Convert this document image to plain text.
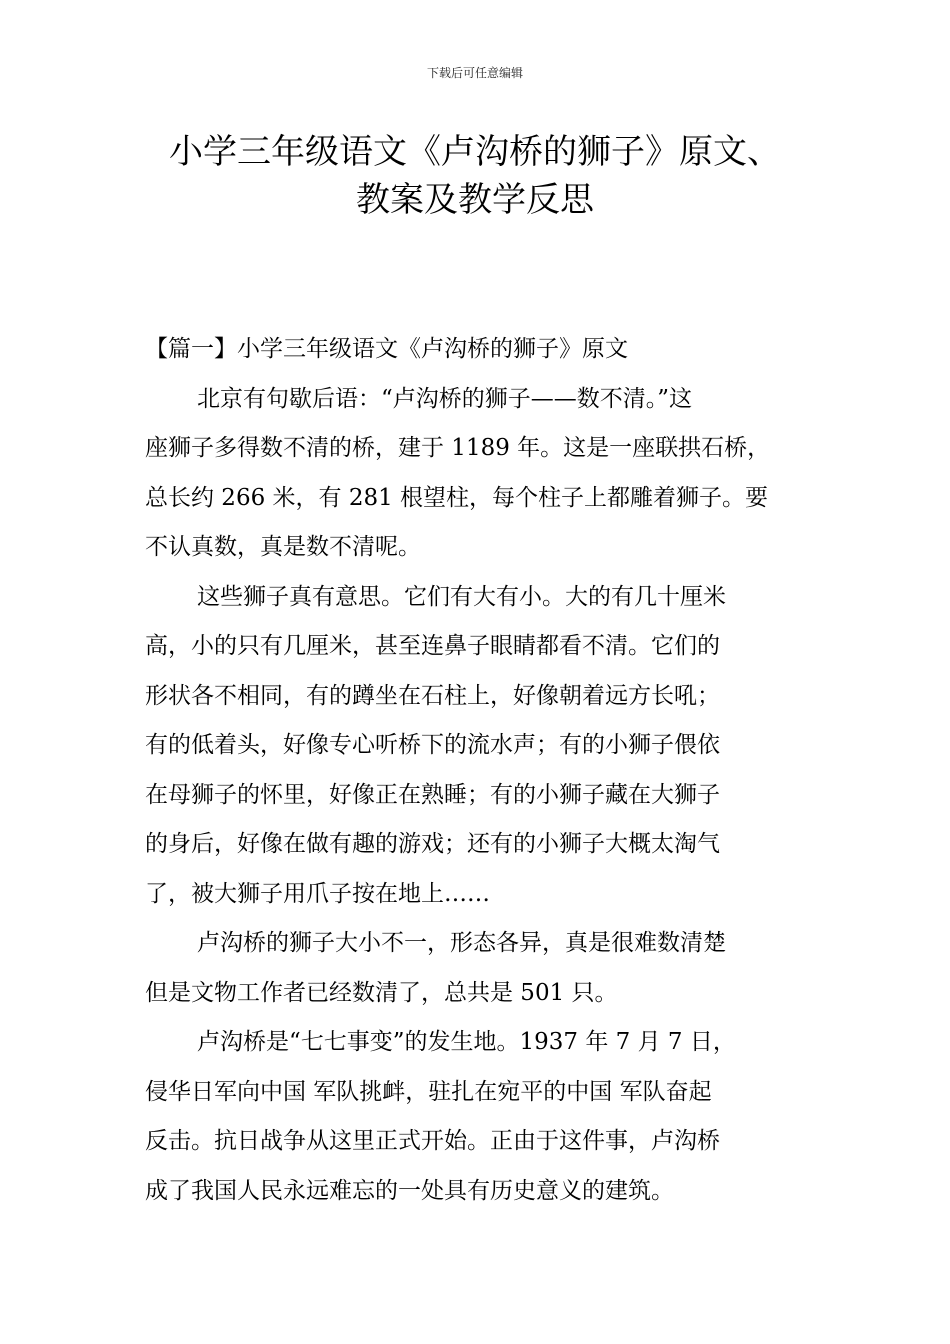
下载后可任意编辑
小学三年级语文《卢沟桥的狮子》原文、
教案及教学反思
【篇一】小学三年级语文《卢沟桥的狮子》原文

北京有句歇后语：“卢沟桥的狮子——数不清。”这
座狮子多得数不清的桥，建于 1189 年。这是一座联拱石桥，
总长约 266 米，有 281 根望柱，每个柱子上都雕着狮子。要
不认真数，真是数不清呢。

这些狮子真有意思。它们有大有小。大的有几十厘米
高，小的只有几厘米，甚至连鼻子眼睛都看不清。它们的
形状各不相同，有的蹲坐在石柱上，好像朝着远方长吼；
有的低着头，好像专心听桥下的流水声；有的小狮子偎依
在母狮子的怀里，好像正在熟睡；有的小狮子藏在大狮子
的身后，好像在做有趣的游戏；还有的小狮子大概太淘气
了，被大狮子用爪子按在地上……

卢沟桥的狮子大小不一，形态各异，真是很难数清楚
但是文物工作者已经数清了，总共是 501 只。

卢沟桥是“七七事变”的发生地。1937 年 7 月 7 日，
侵华日军向中国 军队挑衅，驻扎在宛平的中国 军队奋起
反击。抗日战争从这里正式开始。正由于这件事，卢沟桥
成了我国人民永远难忘的一处具有历史意义的建筑。
